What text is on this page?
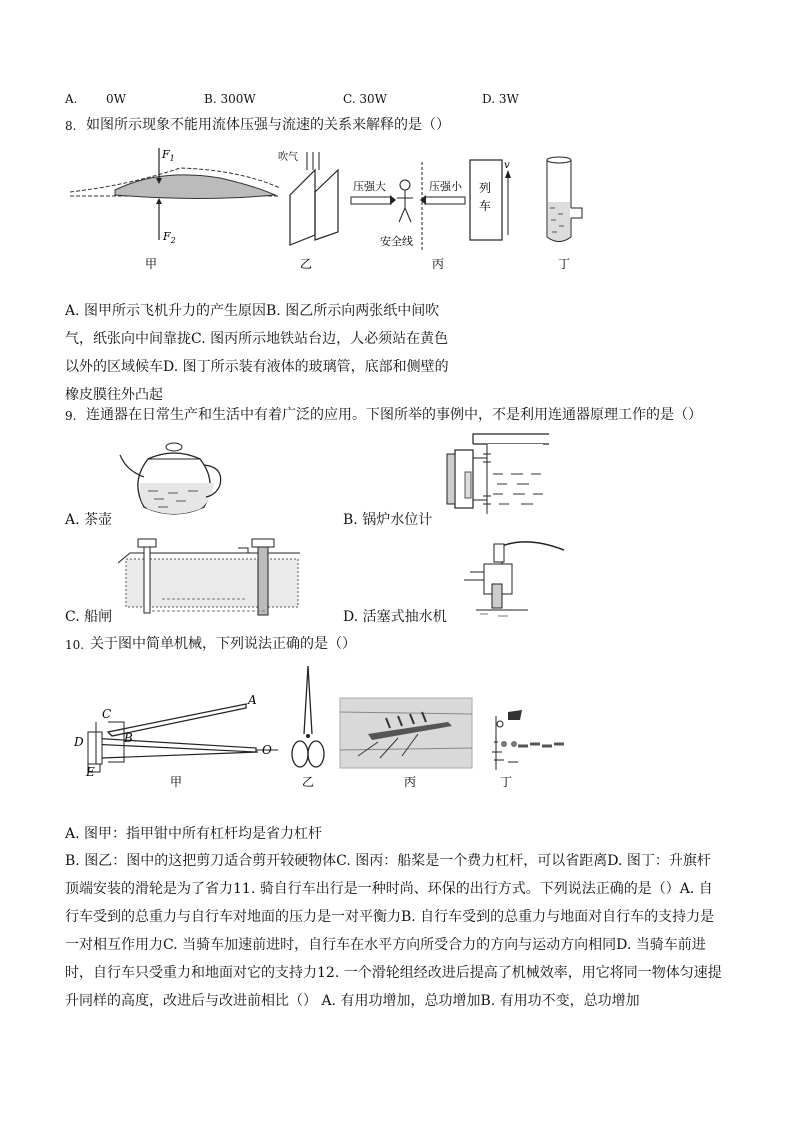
A. 0W	B. 300W	C. 30W	D. 3W
8. 如图所示现象不能用流体压强与流速的关系来解释的是（）
$F_1$
$F_2$
甲
吹气
乙
压强大	压强小 列
车
v
安全线
丙	丁
A. 图甲所示飞机升力的产生原因B. 图乙所示向两张纸中间吹
气，纸张向中间靠拢C. 图丙所示地铁站台边，人必须站在黄色
以外的区域候车D. 图丁所示装有液体的玻璃管，底部和侧壁的
橡皮膜往外凸起
9. 连通器在日常生产和生活中有着广泛的应用。下图所举的事例中，不是利用连通器原理工作的是（）
A. 茶壶	B. 锅炉水位计
C. 船闸	D. 活塞式抽水机
10. 关于图中简单机械，下列说法正确的是（）
A
C
B
D
O
E
甲	乙	丙	丁
A. 图甲：指甲钳中所有杠杆均是省力杠杆
B. 图乙：图中的这把剪刀适合剪开较硬物体C. 图丙：船桨是一个费力杠杆，可以省距离D. 图丁：升旗杆
顶端安装的滑轮是为了省力11. 骑自行车出行是一种时尚、环保的出行方式。下列说法正确的是（）A. 自
行车受到的总重力与自行车对地面的压力是一对平衡力B. 自行车受到的总重力与地面对自行车的支持力是
一对相互作用力C. 当骑车加速前进时，自行车在水平方向所受合力的方向与运动方向相同D. 当骑车前进
时，自行车只受重力和地面对它的支持力12. 一个滑轮组经改进后提高了机械效率，用它将同一物体匀速提
升同样的高度，改进后与改进前相比（） A. 有用功增加，总功增加B. 有用功不变，总功增加
